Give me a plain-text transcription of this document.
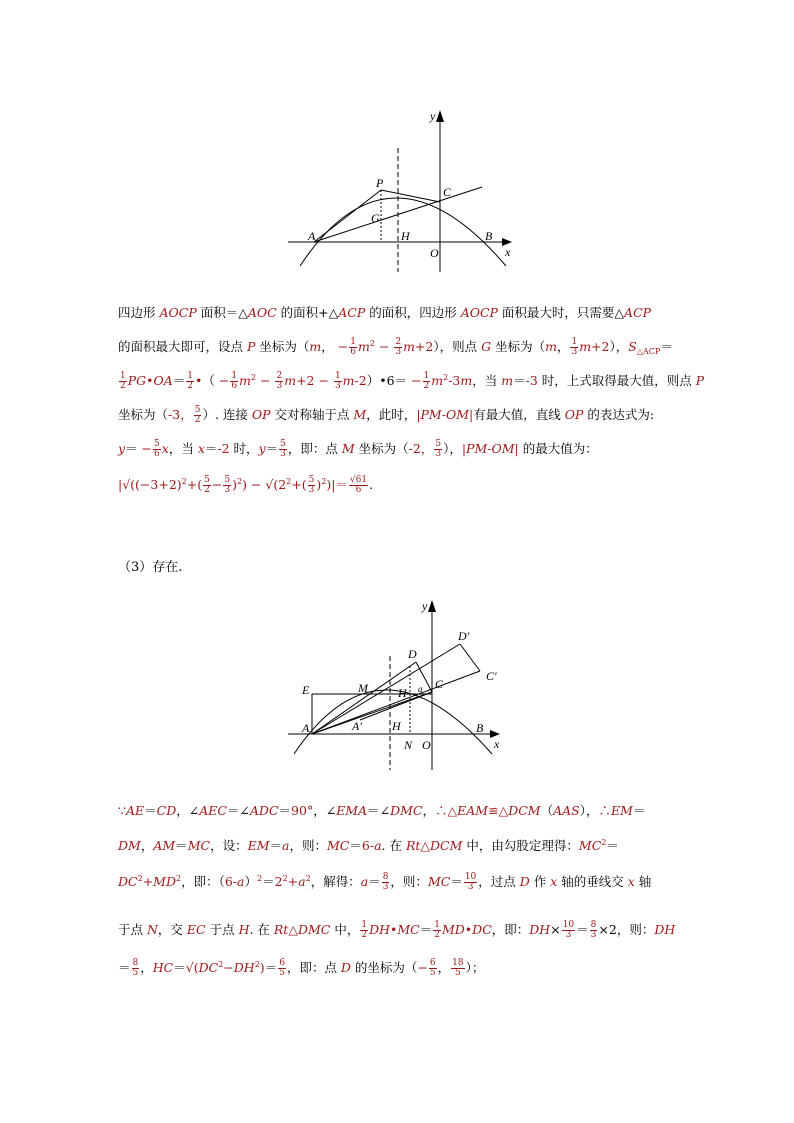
y
x
P
C
G
A	H	B
O
四边形 AOCP 面积＝△AOC 的面积+△ACP 的面积，四边形 AOCP 面积最大时，只需要△ACP
的面积最大即可，设点 P 坐标为（m， − $\frac{1}{6} m^2 - \frac{2}{3} m+2$），则点 G 坐标为（m， $\frac{1}{3} m+2$），$S_{\triangle ACP}=$
$\frac{1}{2}$ PG•OA＝ $\frac{1}{2}$ •（ − $\frac{1}{6} m^2 - \frac{2}{3} m+2 - \frac{1}{3}$ m-2）•6＝ − $\frac{1}{2} m^2-3m$，当 m＝-3 时，上式取得最大值，则点 P
坐标为（-3， $\frac{5}{2}$ ）. 连接 OP 交对称轴于点 M，此时，|PM-OM|有最大值，直线 OP 的表达式为:
$y= - \frac{5}{6}$ x，当 x＝-2 时，$y= \frac{5}{3}$ ，即：点 M 坐标为（-2， $\frac{5}{3}$ ），|PM-OM| 的最大值为：
$|√((-3+2)^2+( \frac{5}{2} - \frac{5}{3} )^2) - √(2^2+( \frac{5}{3} )^2)|= \frac{√61}{6}$ .
（3）存在.
y
x
D′
D
C′
E	M	H a C
A	A′	H	B
N O
∵AE＝CD，∠AEC＝∠ADC＝90°，∠EMA＝∠DMC，∴△EAM≌△DCM（AAS），∴EM＝
DM，AM＝MC，设：EM＝a，则：MC＝6-a. 在 Rt△DCM 中，由勾股定理得：$MC^2=$
$DC^2+MD^2$，即：$(6-a)^2=2^2+a^2$，解得：$a= \frac{8}{3}$ ，则：$MC= \frac{10}{3}$ ，过点 D 作 x 轴的垂线交 x 轴
于点 N，交 EC 于点 H. 在 Rt△DMC 中， $\frac{1}{2}$ DH•MC＝ $\frac{1}{2}$ MD•DC，即：$DH\times \frac{10}{3} = \frac{8}{3} \times 2$，则：DH
＝ $\frac{8}{5}$ ，$HC=√(DC^2-DH^2)= \frac{6}{5}$ ，即：点 D 的坐标为（− $\frac{6}{5}$ ， $\frac{18}{5}$ ）；
